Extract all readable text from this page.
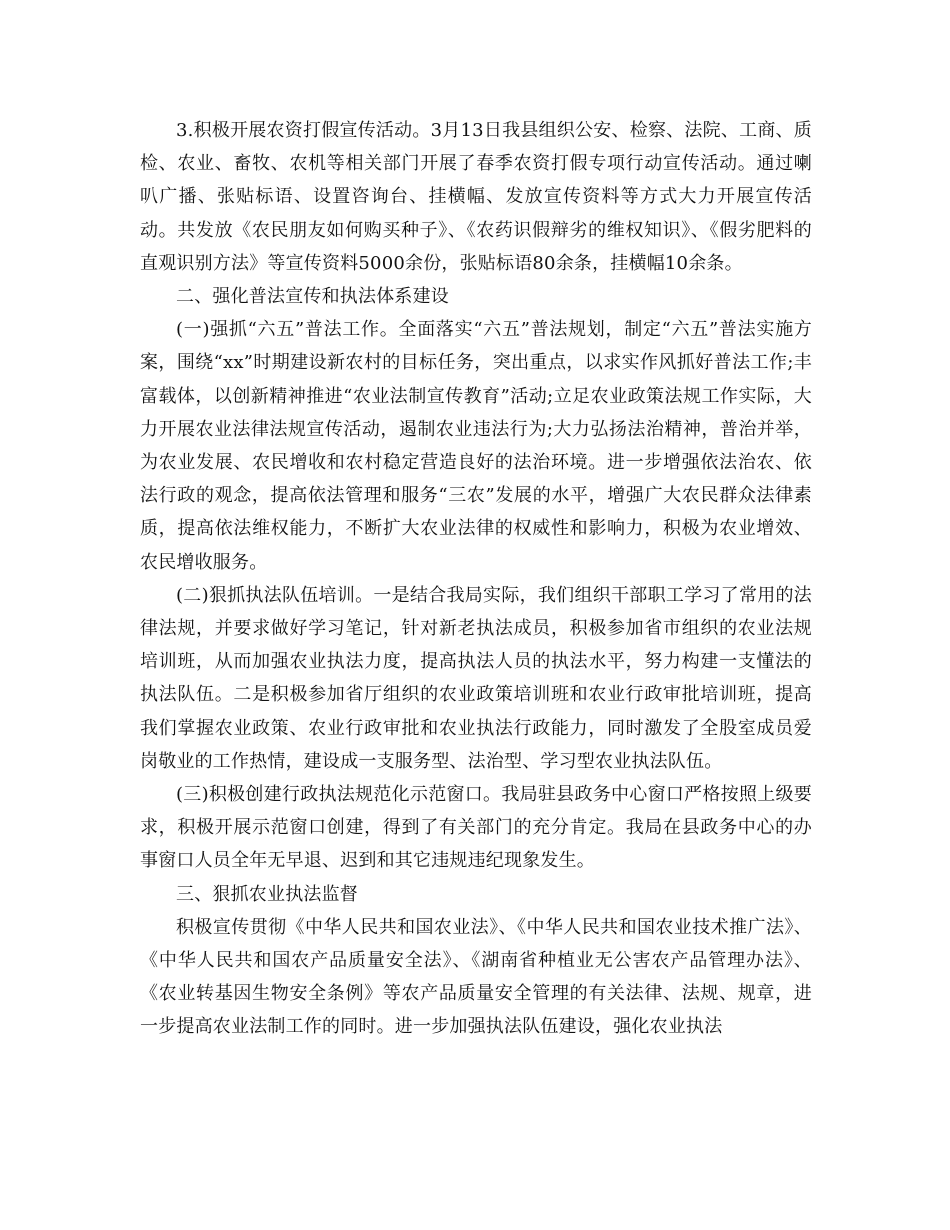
3.积极开展农资打假宣传活动。3月13日我县组织公安、检察、法院、工商、质检、农业、畜牧、农机等相关部门开展了春季农资打假专项行动宣传活动。通过喇叭广播、张贴标语、设置咨询台、挂横幅、发放宣传资料等方式大力开展宣传活动。共发放《农民朋友如何购买种子》、《农药识假辩劣的维权知识》、《假劣肥料的直观识别方法》等宣传资料5000余份，张贴标语80余条，挂横幅10余条。

二、强化普法宣传和执法体系建设

(一)强抓“六五”普法工作。全面落实“六五”普法规划，制定“六五”普法实施方案，围绕“xx”时期建设新农村的目标任务，突出重点，以求实作风抓好普法工作;丰富载体，以创新精神推进“农业法制宣传教育”活动;立足农业政策法规工作实际，大力开展农业法律法规宣传活动，遏制农业违法行为;大力弘扬法治精神，普治并举，为农业发展、农民增收和农村稳定营造良好的法治环境。进一步增强依法治农、依法行政的观念，提高依法管理和服务“三农”发展的水平，增强广大农民群众法律素质，提高依法维权能力，不断扩大农业法律的权威性和影响力，积极为农业增效、农民增收服务。

(二)狠抓执法队伍培训。一是结合我局实际，我们组织干部职工学习了常用的法律法规，并要求做好学习笔记，针对新老执法成员，积极参加省市组织的农业法规培训班，从而加强农业执法力度，提高执法人员的执法水平，努力构建一支懂法的执法队伍。二是积极参加省厅组织的农业政策培训班和农业行政审批培训班，提高我们掌握农业政策、农业行政审批和农业执法行政能力，同时激发了全股室成员爱岗敬业的工作热情，建设成一支服务型、法治型、学习型农业执法队伍。

(三)积极创建行政执法规范化示范窗口。我局驻县政务中心窗口严格按照上级要求，积极开展示范窗口创建，得到了有关部门的充分肯定。我局在县政务中心的办事窗口人员全年无早退、迟到和其它违规违纪现象发生。

三、狠抓农业执法监督

积极宣传贯彻《中华人民共和国农业法》、《中华人民共和国农业技术推广法》、《中华人民共和国农产品质量安全法》、《湖南省种植业无公害农产品管理办法》、《农业转基因生物安全条例》等农产品质量安全管理的有关法律、法规、规章，进一步提高农业法制工作的同时。进一步加强执法队伍建设，强化农业执法
